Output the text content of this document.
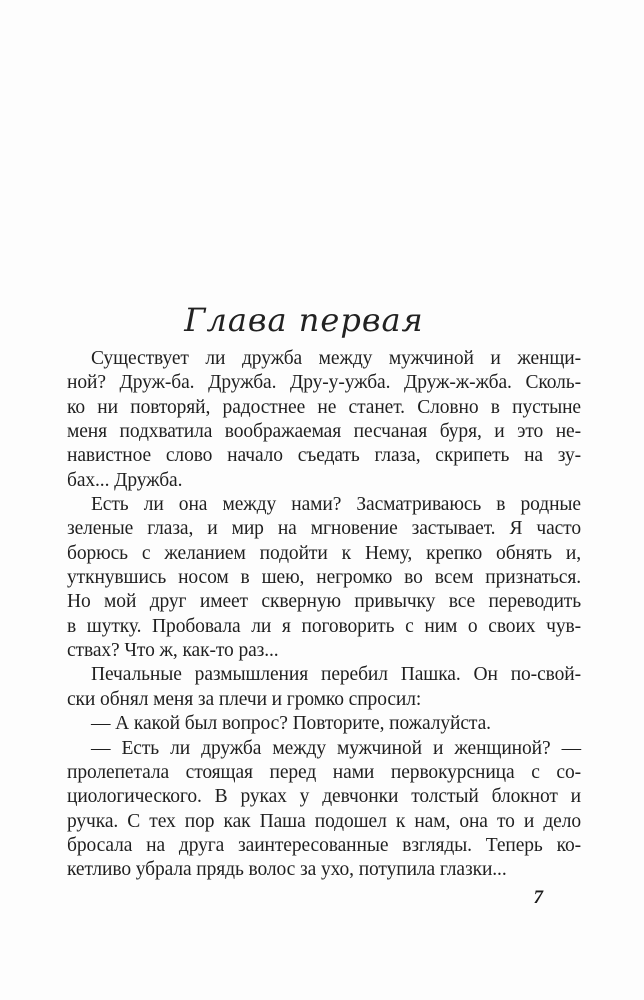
Глава первая
Существует ли дружба между мужчиной и женщи-
ной? Друж-ба. Дружба. Дру-у-ужба. Друж-ж-жба. Сколь-
ко ни повторяй, радостнее не станет. Словно в пустыне
меня подхватила воображаемая песчаная буря, и это не-
навистное слово начало съедать глаза, скрипеть на зу-
бах... Дружба.
Есть ли она между нами? Засматриваюсь в родные
зеленые глаза, и мир на мгновение застывает. Я часто
борюсь с желанием подойти к Нему, крепко обнять и,
уткнувшись носом в шею, негромко во всем признаться.
Но мой друг имеет скверную привычку все переводить
в шутку. Пробовала ли я поговорить с ним о своих чув-
ствах? Что ж, как-то раз...
Печальные размышления перебил Пашка. Он по-свой-
ски обнял меня за плечи и громко спросил:
— А какой был вопрос? Повторите, пожалуйста.
— Есть ли дружба между мужчиной и женщиной? —
пролепетала стоящая перед нами первокурсница с со-
циологического. В руках у девчонки толстый блокнот и
ручка. С тех пор как Паша подошел к нам, она то и дело
бросала на друга заинтересованные взгляды. Теперь ко-
кетливо убрала прядь волос за ухо, потупила глазки...
7
